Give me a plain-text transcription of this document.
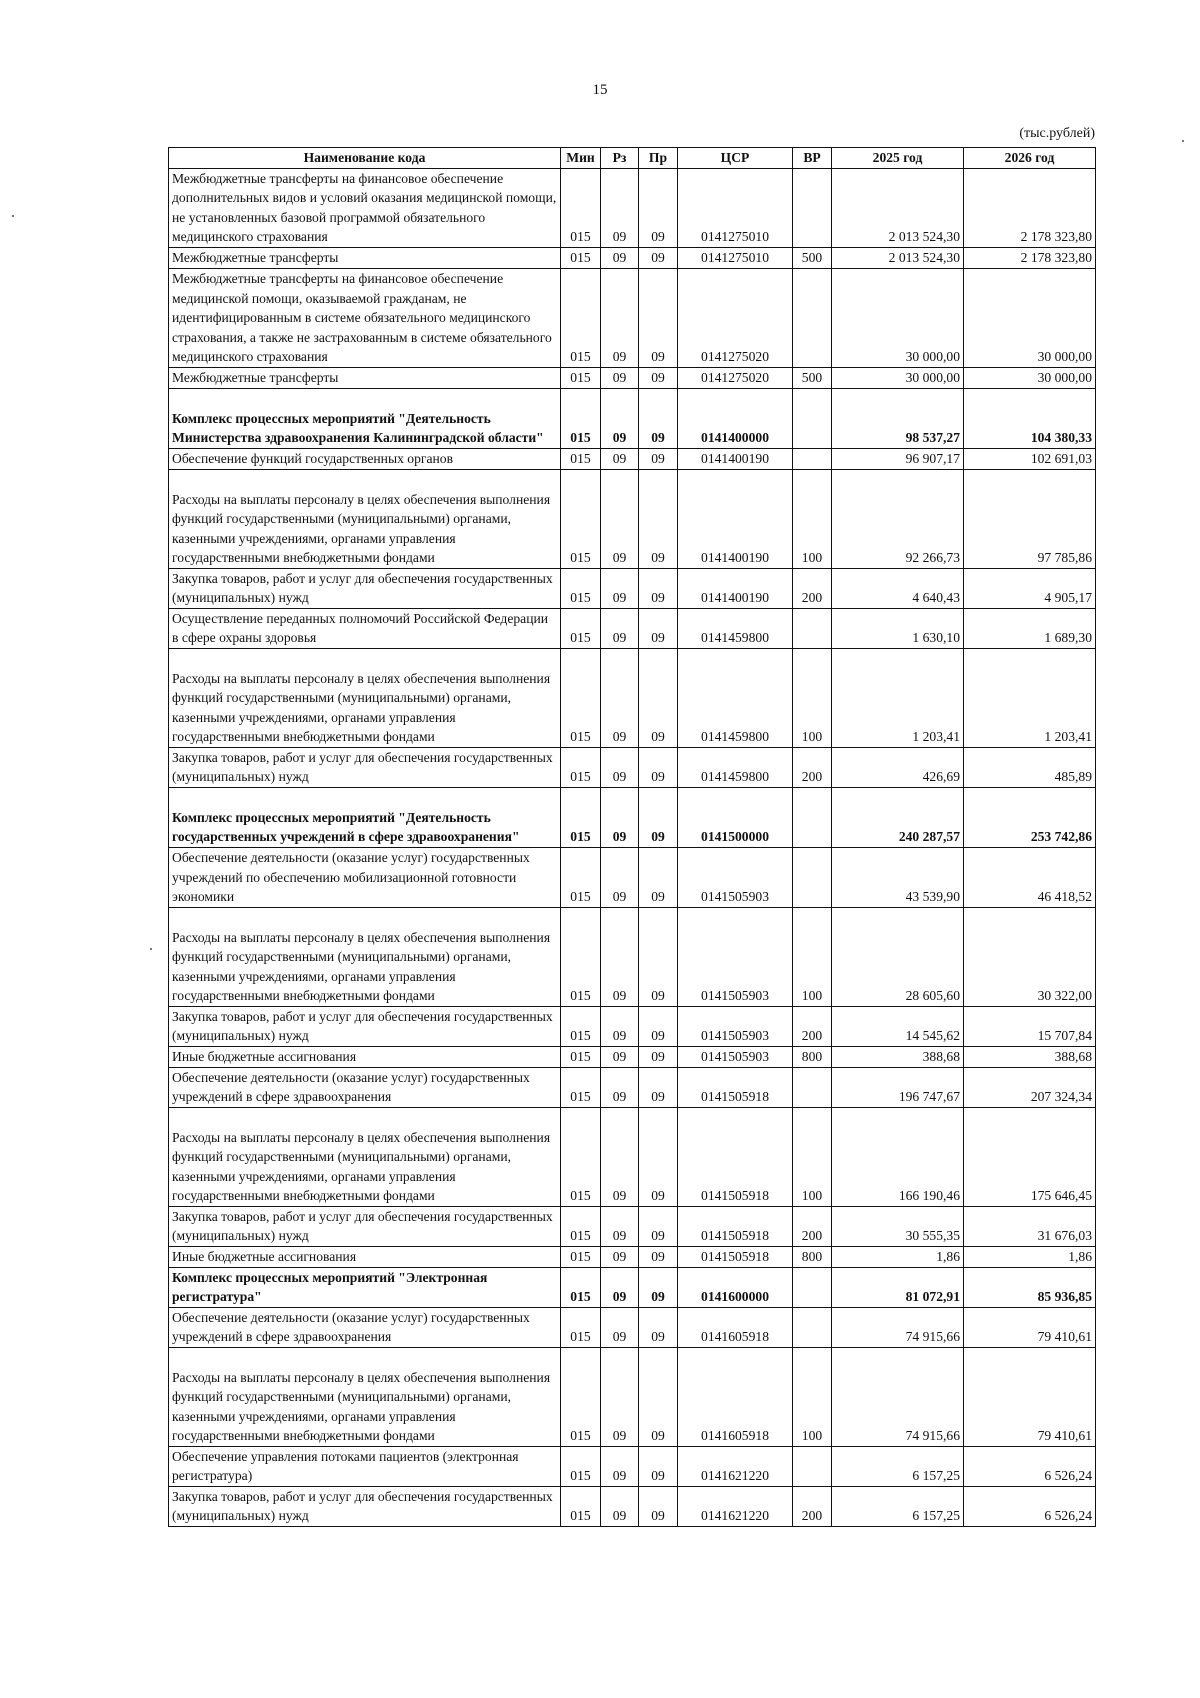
15
(тыс.рублей)
Наименование кода	Мин	Рз	Пр	ЦСР	ВР	2025 год	2026 год
Межбюджетные трансферты на финансовое обеспечение дополнительных видов и условий оказания медицинской помощи, не установленных базовой программой обязательного медицинского страхования	015	09	09	0141275010		2 013 524,30	2 178 323,80
Межбюджетные трансферты	015	09	09	0141275010	500	2 013 524,30	2 178 323,80
Межбюджетные трансферты на финансовое обеспечение медицинской помощи, оказываемой гражданам, не идентифицированным в системе обязательного медицинского страхования, а также не застрахованным в системе обязательного медицинского страхования	015	09	09	0141275020		30 000,00	30 000,00
Межбюджетные трансферты	015	09	09	0141275020	500	30 000,00	30 000,00
Комплекс процессных мероприятий "Деятельность Министерства здравоохранения Калининградской области"	015	09	09	0141400000		98 537,27	104 380,33
Обеспечение функций государственных органов	015	09	09	0141400190		96 907,17	102 691,03
Расходы на выплаты персоналу в целях обеспечения выполнения функций государственными (муниципальными) органами, казенными учреждениями, органами управления государственными внебюджетными фондами	015	09	09	0141400190	100	92 266,73	97 785,86
Закупка товаров, работ и услуг для обеспечения государственных (муниципальных) нужд	015	09	09	0141400190	200	4 640,43	4 905,17
Осуществление переданных полномочий Российской Федерации в сфере охраны здоровья	015	09	09	0141459800		1 630,10	1 689,30
Расходы на выплаты персоналу в целях обеспечения выполнения функций государственными (муниципальными) органами, казенными учреждениями, органами управления государственными внебюджетными фондами	015	09	09	0141459800	100	1 203,41	1 203,41
Закупка товаров, работ и услуг для обеспечения государственных (муниципальных) нужд	015	09	09	0141459800	200	426,69	485,89
Комплекс процессных мероприятий "Деятельность государственных учреждений в сфере здравоохранения"	015	09	09	0141500000		240 287,57	253 742,86
Обеспечение деятельности (оказание услуг) государственных учреждений по обеспечению мобилизационной готовности экономики	015	09	09	0141505903		43 539,90	46 418,52
Расходы на выплаты персоналу в целях обеспечения выполнения функций государственными (муниципальными) органами, казенными учреждениями, органами управления государственными внебюджетными фондами	015	09	09	0141505903	100	28 605,60	30 322,00
Закупка товаров, работ и услуг для обеспечения государственных (муниципальных) нужд	015	09	09	0141505903	200	14 545,62	15 707,84
Иные бюджетные ассигнования	015	09	09	0141505903	800	388,68	388,68
Обеспечение деятельности (оказание услуг) государственных учреждений в сфере здравоохранения	015	09	09	0141505918		196 747,67	207 324,34
Расходы на выплаты персоналу в целях обеспечения выполнения функций государственными (муниципальными) органами, казенными учреждениями, органами управления государственными внебюджетными фондами	015	09	09	0141505918	100	166 190,46	175 646,45
Закупка товаров, работ и услуг для обеспечения государственных (муниципальных) нужд	015	09	09	0141505918	200	30 555,35	31 676,03
Иные бюджетные ассигнования	015	09	09	0141505918	800	1,86	1,86
Комплекс процессных мероприятий "Электронная регистратура"	015	09	09	0141600000		81 072,91	85 936,85
Обеспечение деятельности (оказание услуг) государственных учреждений в сфере здравоохранения	015	09	09	0141605918		74 915,66	79 410,61
Расходы на выплаты персоналу в целях обеспечения выполнения функций государственными (муниципальными) органами, казенными учреждениями, органами управления государственными внебюджетными фондами	015	09	09	0141605918	100	74 915,66	79 410,61
Обеспечение управления потоками пациентов (электронная регистратура)	015	09	09	0141621220		6 157,25	6 526,24
Закупка товаров, работ и услуг для обеспечения государственных (муниципальных) нужд	015	09	09	0141621220	200	6 157,25	6 526,24
